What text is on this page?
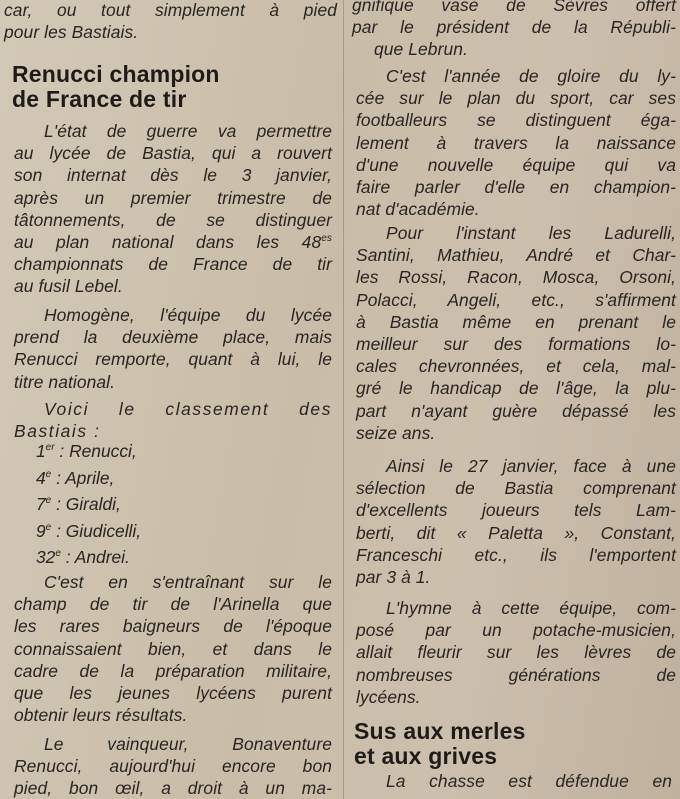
car, ou tout simplement à pied
pour les Bastiais.
Renucci champion
de France de tir
L'état de guerre va permettre
au lycée de Bastia, qui a rouvert
son internat dès le 3 janvier,
après un premier trimestre de
tâtonnements, de se distinguer
au plan national dans les $48^{es}$
championnats de France de tir
au fusil Lebel.
Homogène, l'équipe du lycée
prend la deuxième place, mais
Renucci remporte, quant à lui, le
titre national.
Voici le classement des
Bastiais :
1er : Renucci,
4e : Aprile,
7e : Giraldi,
9e : Giudicelli,
32e : Andrei.
C'est en s'entraînant sur le
champ de tir de l'Arinella que
les rares baigneurs de l'époque
connaissaient bien, et dans le
cadre de la préparation militaire,
que les jeunes lycéens purent
obtenir leurs résultats.
Le vainqueur, Bonaventure
Renucci, aujourd'hui encore bon
pied, bon œil, a droit à un ma-
gnifique vase de Sèvres offert
par le président de la Républi-
que Lebrun.
C'est l'année de gloire du ly-
cée sur le plan du sport, car ses
footballeurs se distinguent éga-
lement à travers la naissance
d'une nouvelle équipe qui va
faire parler d'elle en champion-
nat d'académie.
Pour l'instant les Ladurelli,
Santini, Mathieu, André et Char-
les Rossi, Racon, Mosca, Orsoni,
Polacci, Angeli, etc., s'affirment
à Bastia même en prenant le
meilleur sur des formations lo-
cales chevronnées, et cela, mal-
gré le handicap de l'âge, la plu-
part n'ayant guère dépassé les
seize ans.
Ainsi le 27 janvier, face à une
sélection de Bastia comprenant
d'excellents joueurs tels Lam-
berti, dit « Paletta », Constant,
Franceschi etc., ils l'emportent
par 3 à 1.
L'hymne à cette équipe, com-
posé par un potache-musicien,
allait fleurir sur les lèvres de
nombreuses générations de
lycéens.
Sus aux merles
et aux grives
La chasse est défendue en
